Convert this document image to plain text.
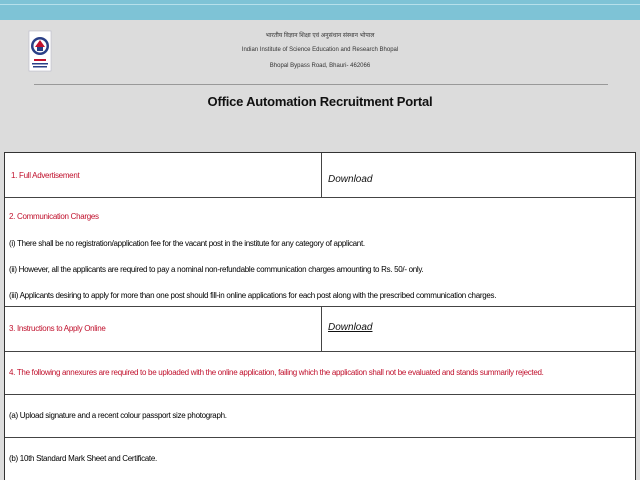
भारतीय विज्ञान शिक्षा एवं अनुसंधान संस्थान भोपाल
Indian Institute of Science Education and Research Bhopal
Bhopal Bypass Road, Bhauri- 462066
Office Automation Recruitment Portal
1. Full Advertisement	Download
2. Communication Charges
(i) There shall be no registration/application fee for the vacant post in the institute for any category of applicant.
(ii) However, all the applicants are required to pay a nominal non-refundable communication charges amounting to Rs. 50/- only.
(iii) Applicants desiring to apply for more than one post should fill-in online applications for each post along with the prescribed communication charges.
3. Instructions to Apply Online	Download
4. The following annexures are required to be uploaded with the online application, failing which the application shall not be evaluated and stands summarily rejected.
(a) Upload signature and a recent colour passport size photograph.
(b) 10th Standard Mark Sheet and Certificate.
